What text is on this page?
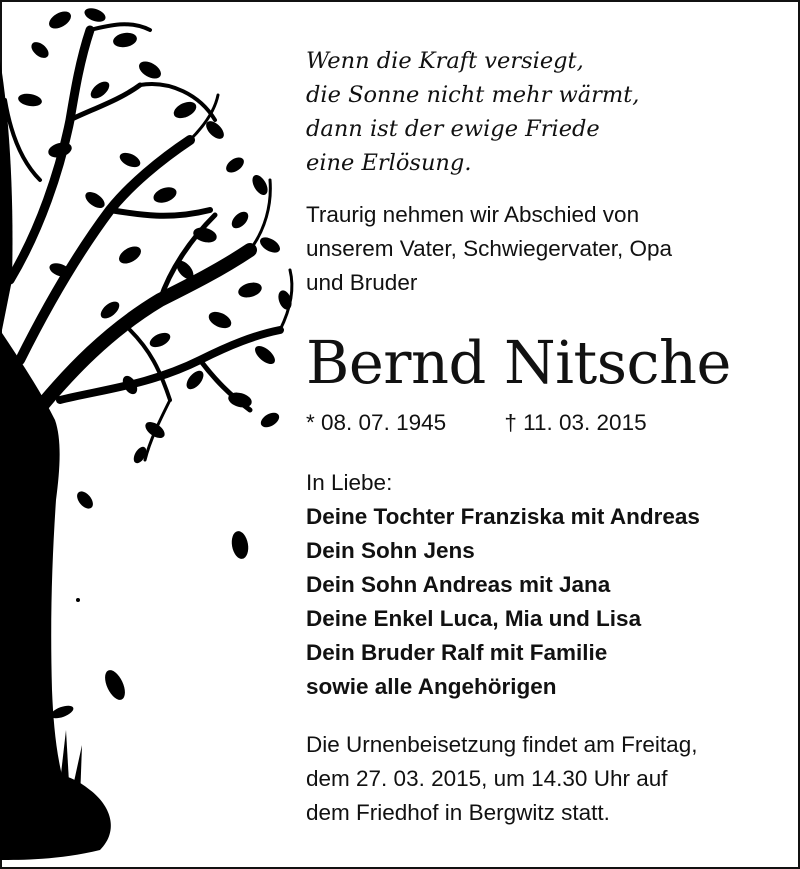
Wenn die Kraft versiegt,
die Sonne nicht mehr wärmt,
dann ist der ewige Friede
eine Erlösung.
Traurig nehmen wir Abschied von
unserem Vater, Schwiegervater, Opa
und Bruder
Bernd Nitsche
* 08. 07. 1945	† 11. 03. 2015
In Liebe:
Deine Tochter Franziska mit Andreas
Dein Sohn Jens
Dein Sohn Andreas mit Jana
Deine Enkel Luca, Mia und Lisa
Dein Bruder Ralf mit Familie
sowie alle Angehörigen
Die Urnenbeisetzung findet am Freitag,
dem 27. 03. 2015, um 14.30 Uhr auf
dem Friedhof in Bergwitz statt.
